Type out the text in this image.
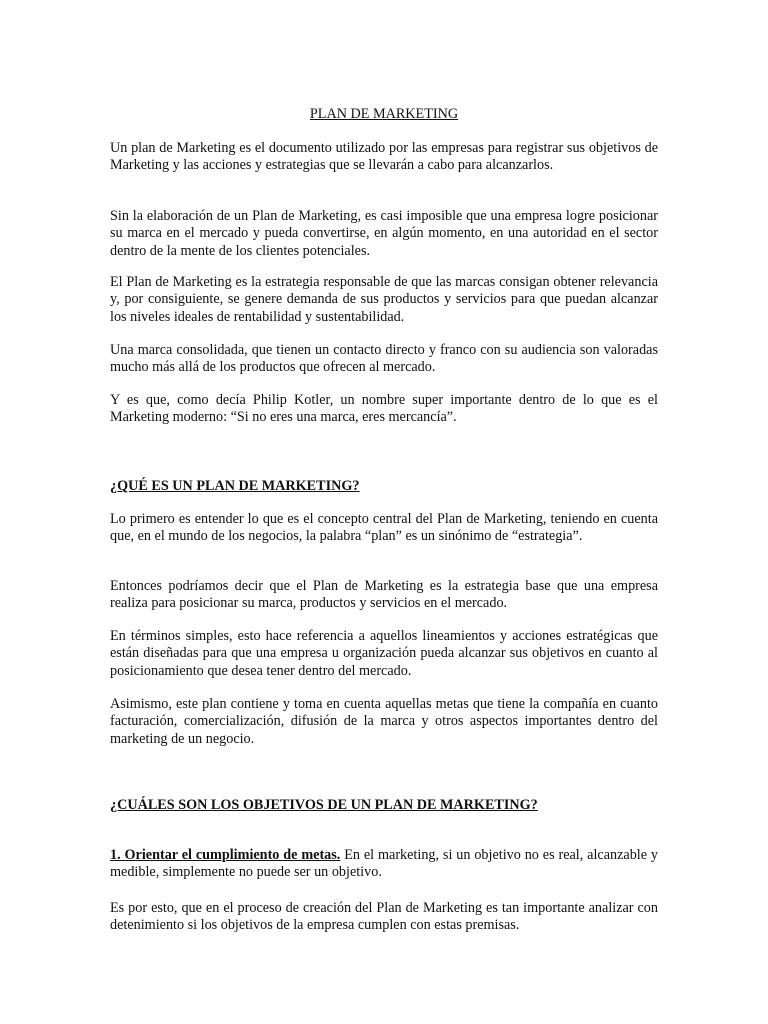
PLAN DE MARKETING

Un plan de Marketing es el documento utilizado por las empresas para registrar sus objetivos de Marketing y las acciones y estrategias que se llevarán a cabo para alcanzarlos.

Sin la elaboración de un Plan de Marketing, es casi imposible que una empresa logre posicionar su marca en el mercado y pueda convertirse, en algún momento, en una autoridad en el sector dentro de la mente de los clientes potenciales.

El Plan de Marketing es la estrategia responsable de que las marcas consigan obtener relevancia y, por consiguiente, se genere demanda de sus productos y servicios para que puedan alcanzar los niveles ideales de rentabilidad y sustentabilidad.

Una marca consolidada, que tienen un contacto directo y franco con su audiencia son valoradas mucho más allá de los productos que ofrecen al mercado.

Y es que, como decía Philip Kotler, un nombre super importante dentro de lo que es el Marketing moderno: “Si no eres una marca, eres mercancía”.

¿QUÉ ES UN PLAN DE MARKETING?

Lo primero es entender lo que es el concepto central del Plan de Marketing, teniendo en cuenta que, en el mundo de los negocios, la palabra “plan” es un sinónimo de “estrategia”.

Entonces podríamos decir que el Plan de Marketing es la estrategia base que una empresa realiza para posicionar su marca, productos y servicios en el mercado.

En términos simples, esto hace referencia a aquellos lineamientos y acciones estratégicas que están diseñadas para que una empresa u organización pueda alcanzar sus objetivos en cuanto al posicionamiento que desea tener dentro del mercado.

Asimismo, este plan contiene y toma en cuenta aquellas metas que tiene la compañía en cuanto facturación, comercialización, difusión de la marca y otros aspectos importantes dentro del marketing de un negocio.

¿CUÁLES SON LOS OBJETIVOS DE UN PLAN DE MARKETING?

1. Orientar el cumplimiento de metas. En el marketing, si un objetivo no es real, alcanzable y medible, simplemente no puede ser un objetivo.

Es por esto, que en el proceso de creación del Plan de Marketing es tan importante analizar con detenimiento si los objetivos de la empresa cumplen con estas premisas.
